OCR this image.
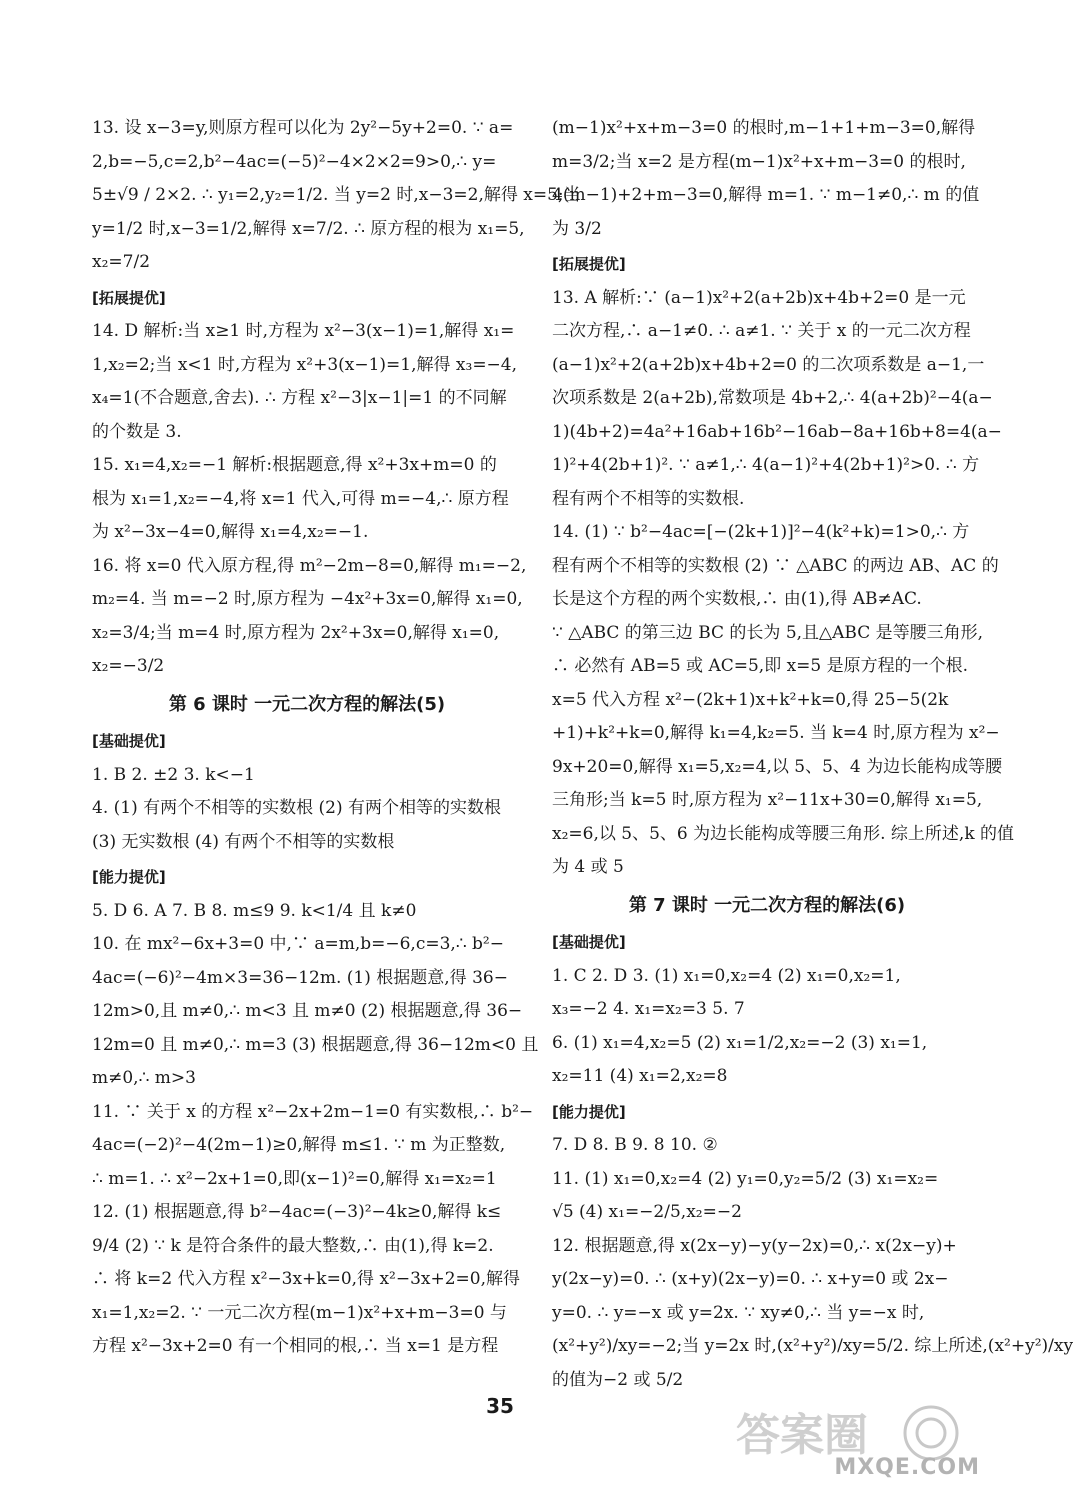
13. 设 x−3=y,则原方程可以化为 2y²−5y+2=0. ∵ a=
2,b=−5,c=2,b²−4ac=(−5)²−4×2×2=9>0,∴ y=
5±√9 / 2×2. ∴ y₁=2,y₂=1/2. 当 y=2 时,x−3=2,解得 x=5;当
y=1/2 时,x−3=1/2,解得 x=7/2. ∴ 原方程的根为 x₁=5,
x₂=7/2

[拓展提优]

14. D 解析:当 x≥1 时,方程为 x²−3(x−1)=1,解得 x₁=
1,x₂=2;当 x<1 时,方程为 x²+3(x−1)=1,解得 x₃=−4,
x₄=1(不合题意,舍去). ∴ 方程 x²−3|x−1|=1 的不同解
的个数是 3.

15. x₁=4,x₂=−1 解析:根据题意,得 x²+3x+m=0 的
根为 x₁=1,x₂=−4,将 x=1 代入,可得 m=−4,∴ 原方程
为 x²−3x−4=0,解得 x₁=4,x₂=−1.

16. 将 x=0 代入原方程,得 m²−2m−8=0,解得 m₁=−2,
m₂=4. 当 m=−2 时,原方程为 −4x²+3x=0,解得 x₁=0,
x₂=3/4;当 m=4 时,原方程为 2x²+3x=0,解得 x₁=0,
x₂=−3/2

第 6 课时 一元二次方程的解法(5)
[基础提优]

1. B 2. ±2 3. k<−1

4. (1) 有两个不相等的实数根 (2) 有两个相等的实数根
(3) 无实数根 (4) 有两个不相等的实数根

[能力提优]

5. D 6. A 7. B 8. m≤9 9. k<1/4 且 k≠0

10. 在 mx²−6x+3=0 中,∵ a=m,b=−6,c=3,∴ b²−
4ac=(−6)²−4m×3=36−12m. (1) 根据题意,得 36−
12m>0,且 m≠0,∴ m<3 且 m≠0 (2) 根据题意,得 36−
12m=0 且 m≠0,∴ m=3 (3) 根据题意,得 36−12m<0 且
m≠0,∴ m>3

11. ∵ 关于 x 的方程 x²−2x+2m−1=0 有实数根,∴ b²−
4ac=(−2)²−4(2m−1)≥0,解得 m≤1. ∵ m 为正整数,
∴ m=1. ∴ x²−2x+1=0,即(x−1)²=0,解得 x₁=x₂=1

12. (1) 根据题意,得 b²−4ac=(−3)²−4k≥0,解得 k≤
9/4 (2) ∵ k 是符合条件的最大整数,∴ 由(1),得 k=2.
∴ 将 k=2 代入方程 x²−3x+k=0,得 x²−3x+2=0,解得
x₁=1,x₂=2. ∵ 一元二次方程(m−1)x²+x+m−3=0 与
方程 x²−3x+2=0 有一个相同的根,∴ 当 x=1 是方程

(m−1)x²+x+m−3=0 的根时,m−1+1+m−3=0,解得
m=3/2;当 x=2 是方程(m−1)x²+x+m−3=0 的根时,
4(m−1)+2+m−3=0,解得 m=1. ∵ m−1≠0,∴ m 的值
为 3/2

[拓展提优]

13. A 解析:∵ (a−1)x²+2(a+2b)x+4b+2=0 是一元
二次方程,∴ a−1≠0. ∴ a≠1. ∵ 关于 x 的一元二次方程
(a−1)x²+2(a+2b)x+4b+2=0 的二次项系数是 a−1,一
次项系数是 2(a+2b),常数项是 4b+2,∴ 4(a+2b)²−4(a−
1)(4b+2)=4a²+16ab+16b²−16ab−8a+16b+8=4(a−
1)²+4(2b+1)². ∵ a≠1,∴ 4(a−1)²+4(2b+1)²>0. ∴ 方
程有两个不相等的实数根.

14. (1) ∵ b²−4ac=[−(2k+1)]²−4(k²+k)=1>0,∴ 方
程有两个不相等的实数根 (2) ∵ △ABC 的两边 AB、AC 的
长是这个方程的两个实数根,∴ 由(1),得 AB≠AC.
∵ △ABC 的第三边 BC 的长为 5,且△ABC 是等腰三角形,
∴ 必然有 AB=5 或 AC=5,即 x=5 是原方程的一个根.
x=5 代入方程 x²−(2k+1)x+k²+k=0,得 25−5(2k
+1)+k²+k=0,解得 k₁=4,k₂=5. 当 k=4 时,原方程为 x²−
9x+20=0,解得 x₁=5,x₂=4,以 5、5、4 为边长能构成等腰
三角形;当 k=5 时,原方程为 x²−11x+30=0,解得 x₁=5,
x₂=6,以 5、5、6 为边长能构成等腰三角形. 综上所述,k 的值
为 4 或 5

第 7 课时 一元二次方程的解法(6)
[基础提优]

1. C 2. D 3. (1) x₁=0,x₂=4 (2) x₁=0,x₂=1,
x₃=−2 4. x₁=x₂=3 5. 7

6. (1) x₁=4,x₂=5 (2) x₁=1/2,x₂=−2 (3) x₁=1,
x₂=11 (4) x₁=2,x₂=8

[能力提优]

7. D 8. B 9. 8 10. ②

11. (1) x₁=0,x₂=4 (2) y₁=0,y₂=5/2 (3) x₁=x₂=
√5 (4) x₁=−2/5,x₂=−2

12. 根据题意,得 x(2x−y)−y(y−2x)=0,∴ x(2x−y)+
y(2x−y)=0. ∴ (x+y)(2x−y)=0. ∴ x+y=0 或 2x−
y=0. ∴ y=−x 或 y=2x. ∵ xy≠0,∴ 当 y=−x 时,
(x²+y²)/xy=−2;当 y=2x 时,(x²+y²)/xy=5/2. 综上所述,(x²+y²)/xy
的值为−2 或 5/2

35
答案圈
MXQE.COM
